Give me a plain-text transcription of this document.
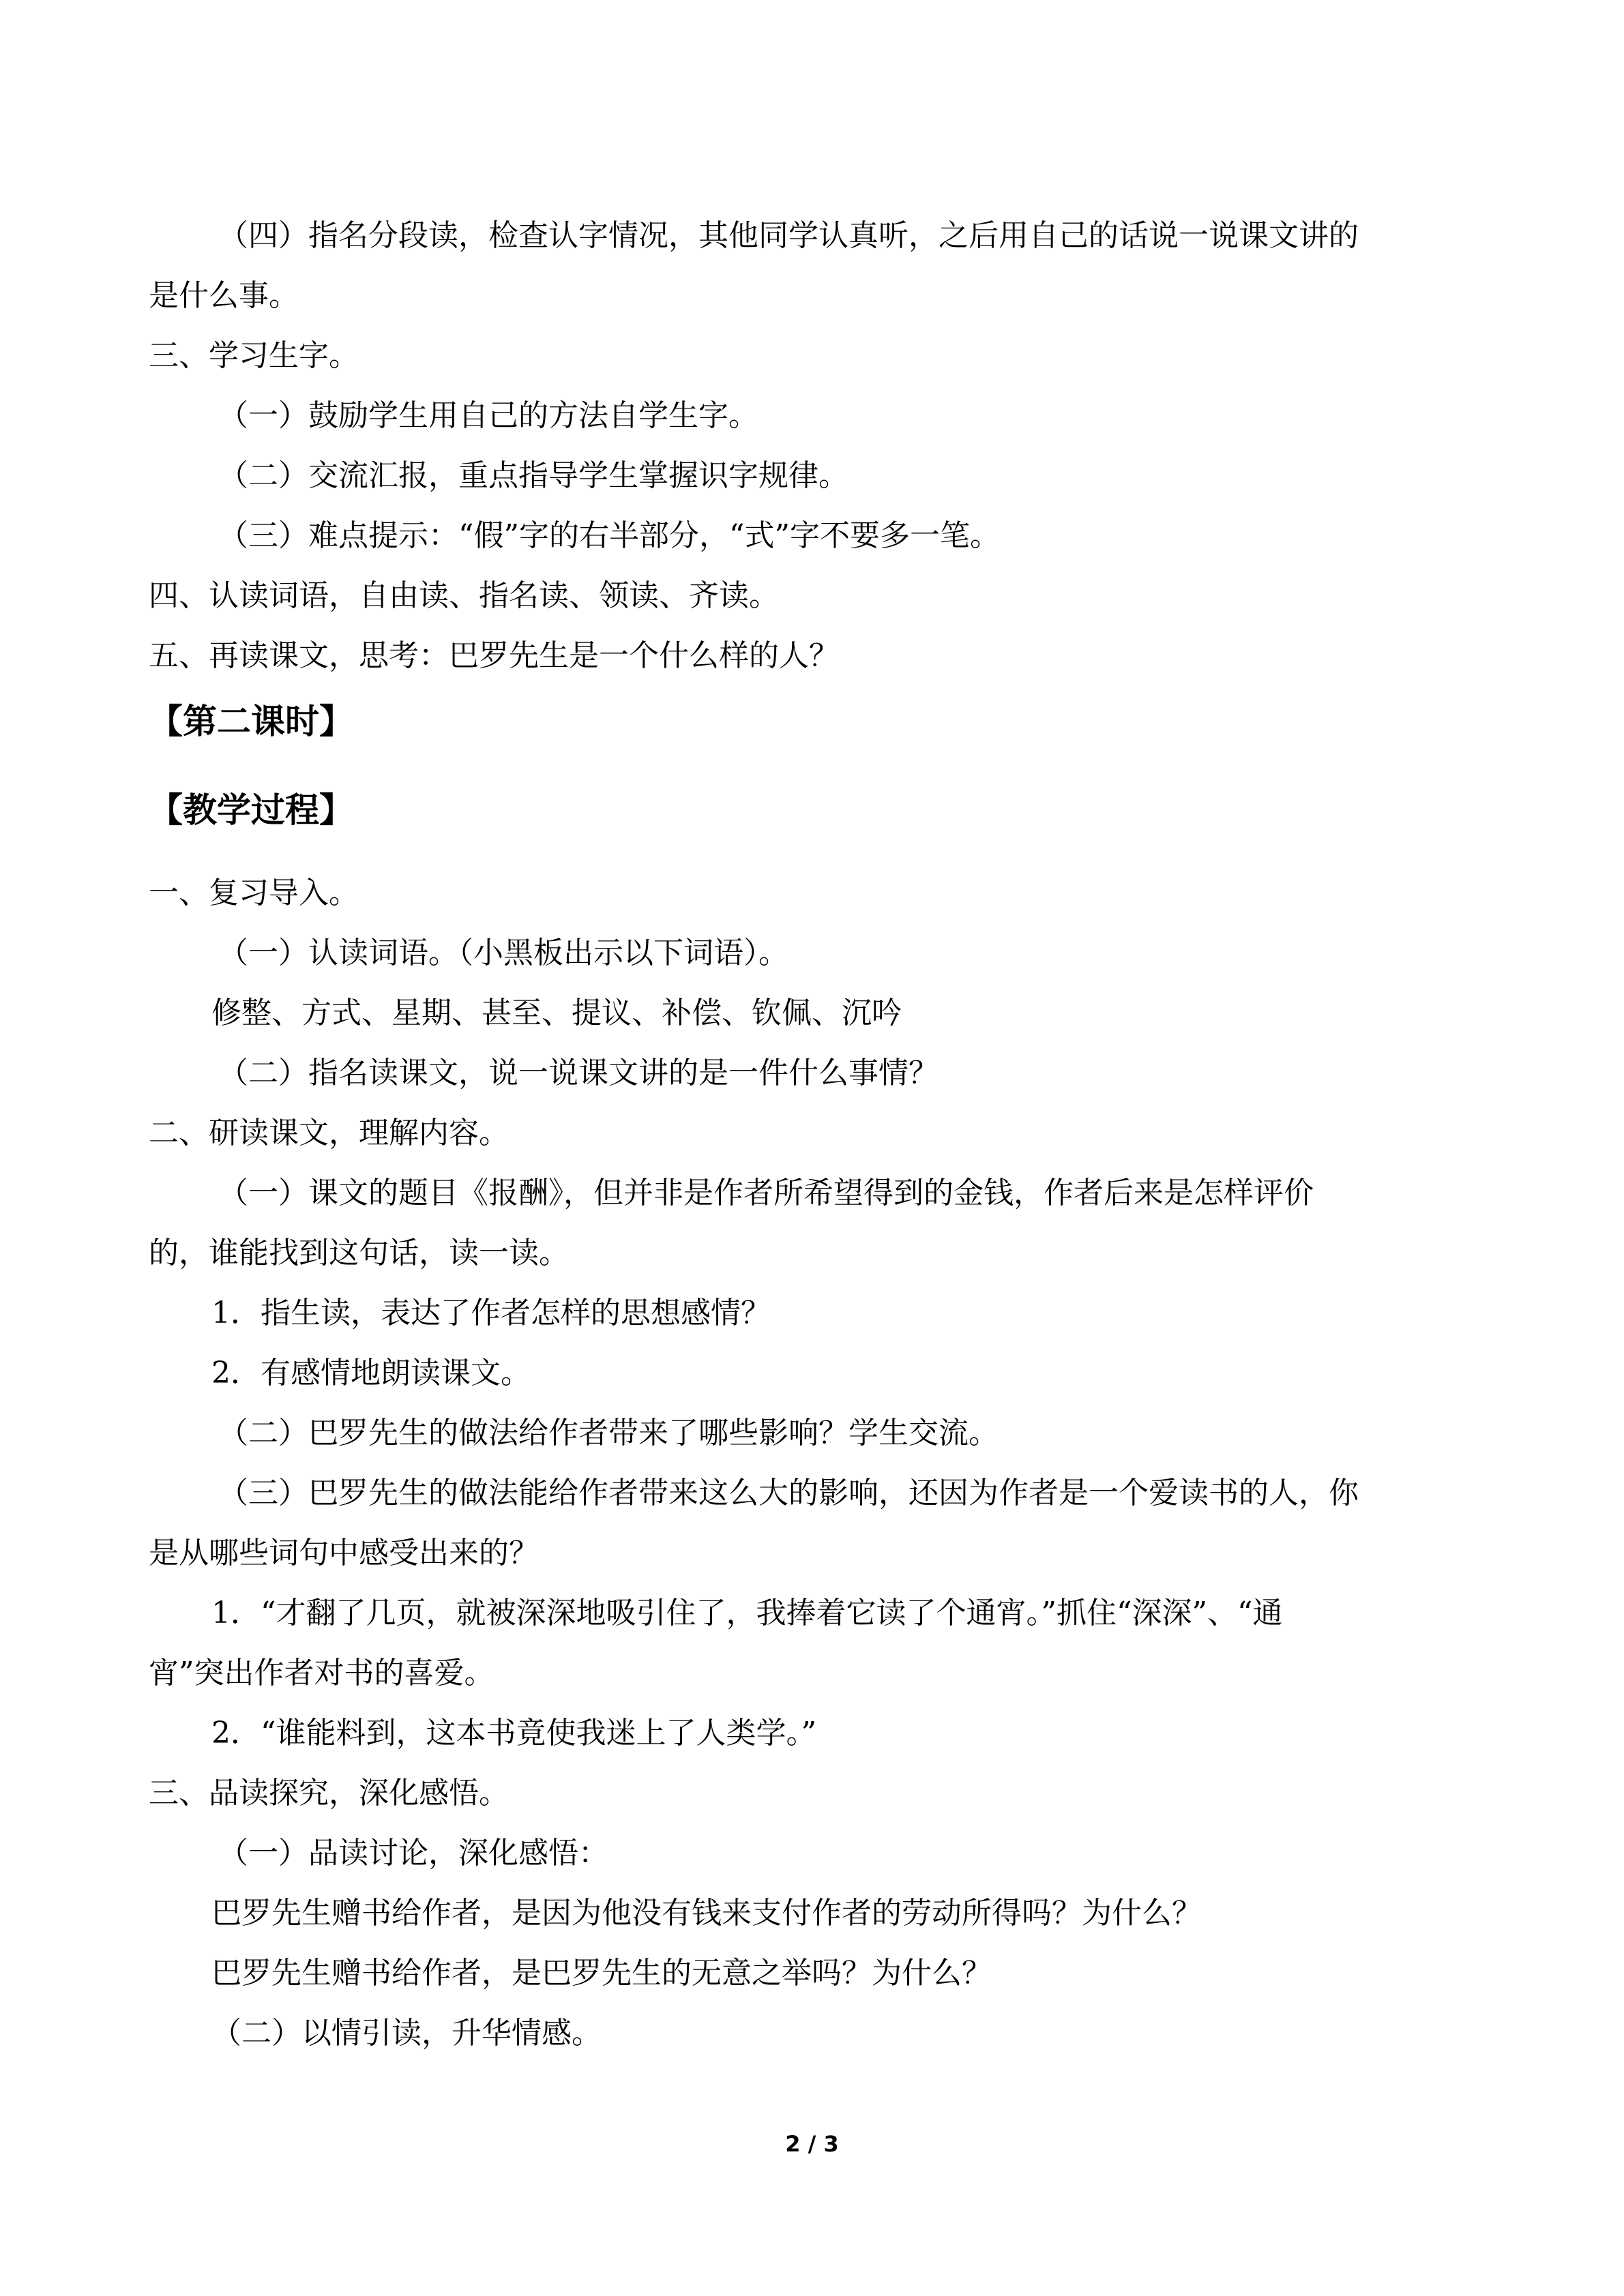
（四）指名分段读，检查认字情况，其他同学认真听，之后用自己的话说一说课文讲的
是什么事。
三、学习生字。
（一）鼓励学生用自己的方法自学生字。
（二）交流汇报，重点指导学生掌握识字规律。
（三）难点提示：“假”字的右半部分，“式”字不要多一笔。
四、认读词语，自由读、指名读、领读、齐读。
五、再读课文，思考：巴罗先生是一个什么样的人？
【第二课时】
【教学过程】
一、复习导入。
（一）认读词语。（小黑板出示以下词语）。
修整、方式、星期、甚至、提议、补偿、钦佩、沉吟
（二）指名读课文，说一说课文讲的是一件什么事情？
二、研读课文，理解内容。
（一）课文的题目《报酬》，但并非是作者所希望得到的金钱，作者后来是怎样评价
的，谁能找到这句话，读一读。
1．指生读，表达了作者怎样的思想感情？
2．有感情地朗读课文。
（二）巴罗先生的做法给作者带来了哪些影响？学生交流。
（三）巴罗先生的做法能给作者带来这么大的影响，还因为作者是一个爱读书的人，你
是从哪些词句中感受出来的？
1．“才翻了几页，就被深深地吸引住了，我捧着它读了个通宵。”抓住“深深”、“通
宵”突出作者对书的喜爱。
2．“谁能料到，这本书竟使我迷上了人类学。”
三、品读探究，深化感悟。
（一）品读讨论，深化感悟：
巴罗先生赠书给作者，是因为他没有钱来支付作者的劳动所得吗？为什么？
巴罗先生赠书给作者，是巴罗先生的无意之举吗？为什么？
（二）以情引读，升华情感。
2 / 3
